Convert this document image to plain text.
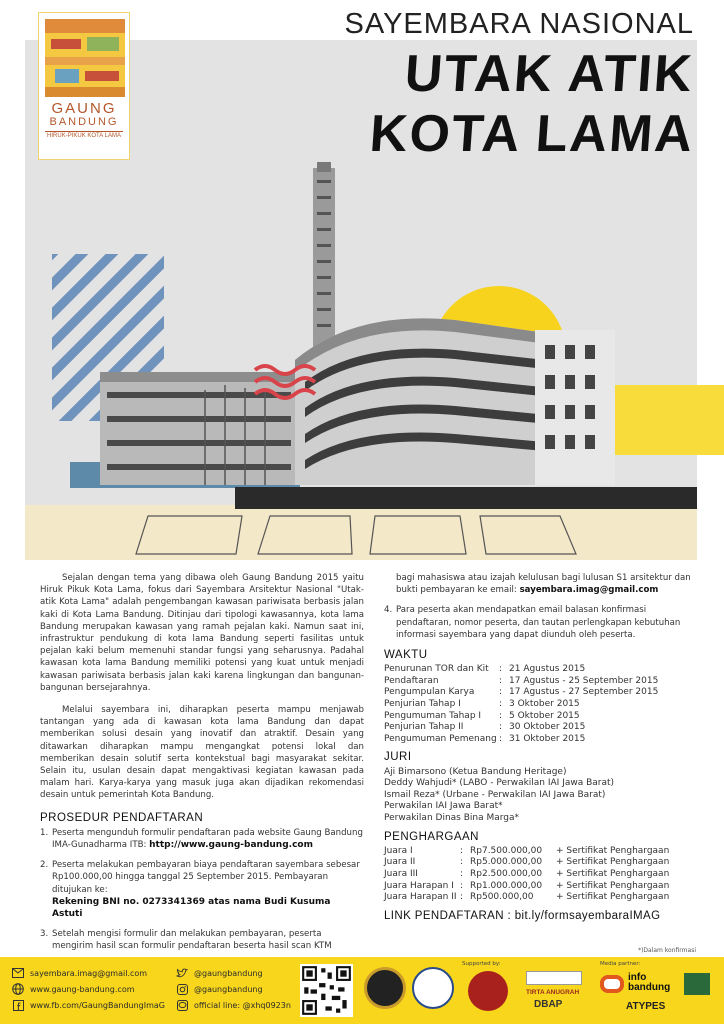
GAUNG
BANDUNG
HIRUK-PIKUK KOTA LAMA
SAYEMBARA NASIONAL
UTAK ATIK
KOTA LAMA

Sejalan dengan tema yang dibawa oleh Gaung Bandung 2015 yaitu Hiruk Pikuk Kota Lama, fokus dari Sayembara Arsitektur Nasional "Utak-atik Kota Lama" adalah pengembangan kawasan pariwisata berbasis jalan kaki di Kota Lama Bandung. Ditinjau dari tipologi kawasannya, kota lama Bandung merupakan kawasan yang ramah pejalan kaki. Namun saat ini, infrastruktur pendukung di kota lama Bandung seperti fasilitas untuk pejalan kaki belum memenuhi standar fungsi yang seharusnya. Padahal kawasan kota lama Bandung memiliki potensi yang kuat untuk menjadi kawasan pariwisata berbasis jalan kaki karena lingkungan dan bangunan-bangunan bersejarahnya.

Melalui sayembara ini, diharapkan peserta mampu menjawab tantangan yang ada di kawasan kota lama Bandung dan dapat memberikan solusi desain yang inovatif dan atraktif. Desain yang ditawarkan diharapkan mampu mengangkat potensi lokal dan memberikan desain solutif serta kontekstual bagi masyarakat sekitar. Selain itu, usulan desain dapat mengaktivasi kegiatan kawasan pada malam hari. Karya-karya yang masuk juga akan dijadikan rekomendasi desain untuk pemerintah Kota Bandung.

PROSEDUR PENDAFTARAN
1. Peserta mengunduh formulir pendaftaran pada website Gaung Bandung IMA-Gunadharma ITB: http://www.gaung-bandung.com
2. Peserta melakukan pembayaran biaya pendaftaran sayembara sebesar Rp100.000,00 hingga tanggal 25 September 2015. Pembayaran ditujukan ke:
Rekening BNI no. 0273341369 atas nama Budi Kusuma Astuti
3. Setelah mengisi formulir dan melakukan pembayaran, peserta mengirim hasil scan formulir pendaftaran beserta hasil scan KTM
bagi mahasiswa atau izajah kelulusan bagi lulusan S1 arsitektur dan bukti pembayaran ke email: sayembara.imag@gmail.com
4. Para peserta akan mendapatkan email balasan konfirmasi pendaftaran, nomor peserta, dan tautan perlengkapan kebutuhan informasi sayembara yang dapat diunduh oleh peserta.
WAKTU
Penurunan TOR dan Kit	:	21 Agustus 2015
Pendaftaran	:	17 Agustus - 25 September 2015
Pengumpulan Karya	:	17 Agustus - 27 September 2015
Penjurian Tahap I	:	3 Oktober 2015
Pengumuman Tahap I	:	5 Oktober 2015
Penjurian Tahap II	:	30 Oktober 2015
Pengumuman Pemenang	:	31 Oktober 2015
JURI
Aji Bimarsono (Ketua Bandung Heritage)
Deddy Wahjudi* (LABO - Perwakilan IAI Jawa Barat)
Ismail Reza* (Urbane - Perwakilan IAI Jawa Barat)
Perwakilan IAI Jawa Barat*
Perwakilan Dinas Bina Marga*
PENGHARGAAN
Juara I	:	Rp7.500.000,00	+ Sertifikat Penghargaan
Juara II	:	Rp5.000.000,00	+ Sertifikat Penghargaan
Juara III	:	Rp2.500.000,00	+ Sertifikat Penghargaan
Juara Harapan I	:	Rp1.000.000,00	+ Sertifikat Penghargaan
Juara Harapan II	:	Rp500.000,00	+ Sertifikat Penghargaan
LINK PENDAFTARAN : bit.ly/formsayembaraIMAG
*)Dalam konfirmasi
sayembara.imag@gmail.com
www.gaung-bandung.com
www.fb.com/GaungBandungImaG
@gaungbandung
@gaungbandung
official line: @xhq0923n
Supported by:
TIRTA ANUGRAH
DBAP
Media partner:
info
bandung
ATYPES
